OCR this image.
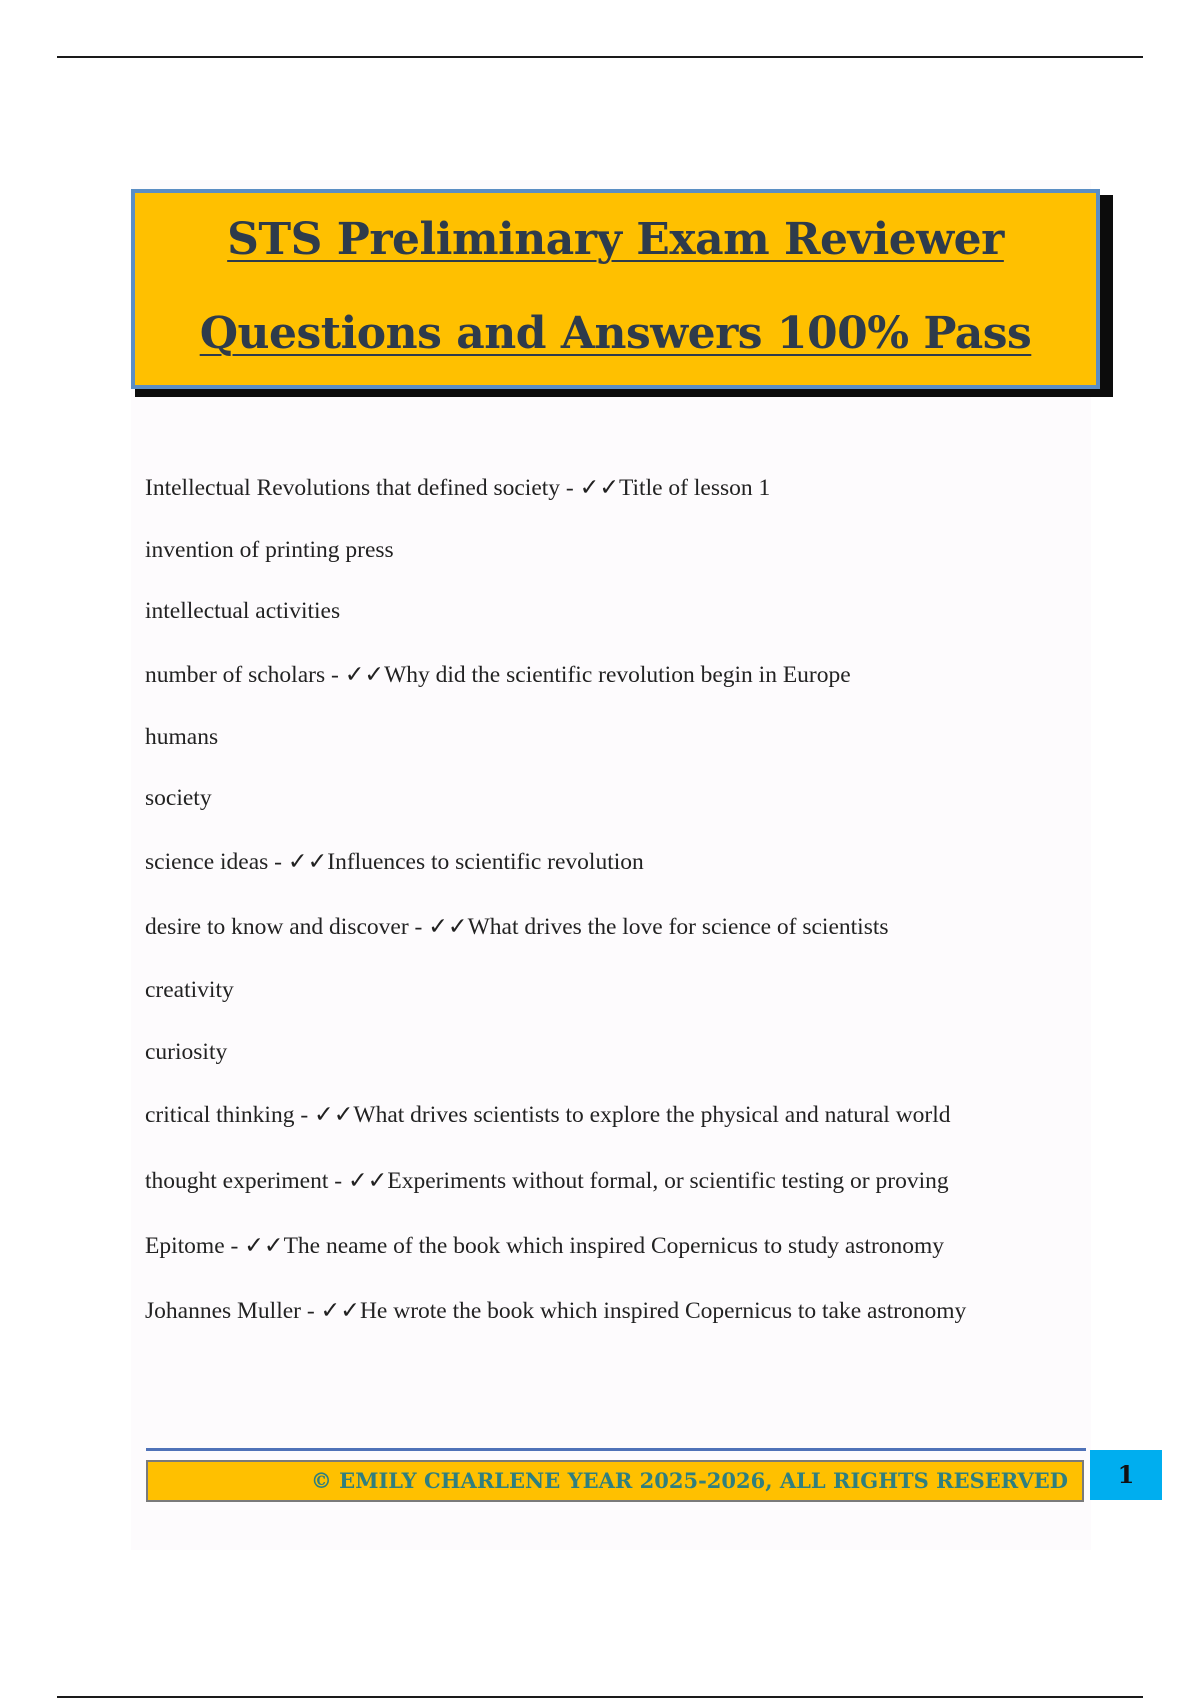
STS Preliminary Exam Reviewer
Questions and Answers 100% Pass
Intellectual Revolutions that defined society - ✓✓Title of lesson 1
invention of printing press
intellectual activities
number of scholars - ✓✓Why did the scientific revolution begin in Europe
humans
society
science ideas - ✓✓Influences to scientific revolution
desire to know and discover - ✓✓What drives the love for science of scientists
creativity
curiosity
critical thinking - ✓✓What drives scientists to explore the physical and natural world
thought experiment - ✓✓Experiments without formal, or scientific testing or proving
Epitome - ✓✓The neame of the book which inspired Copernicus to study astronomy
Johannes Muller - ✓✓He wrote the book which inspired Copernicus to take astronomy
© EMILY CHARLENE YEAR 2025-2026, ALL RIGHTS RESERVED	1
